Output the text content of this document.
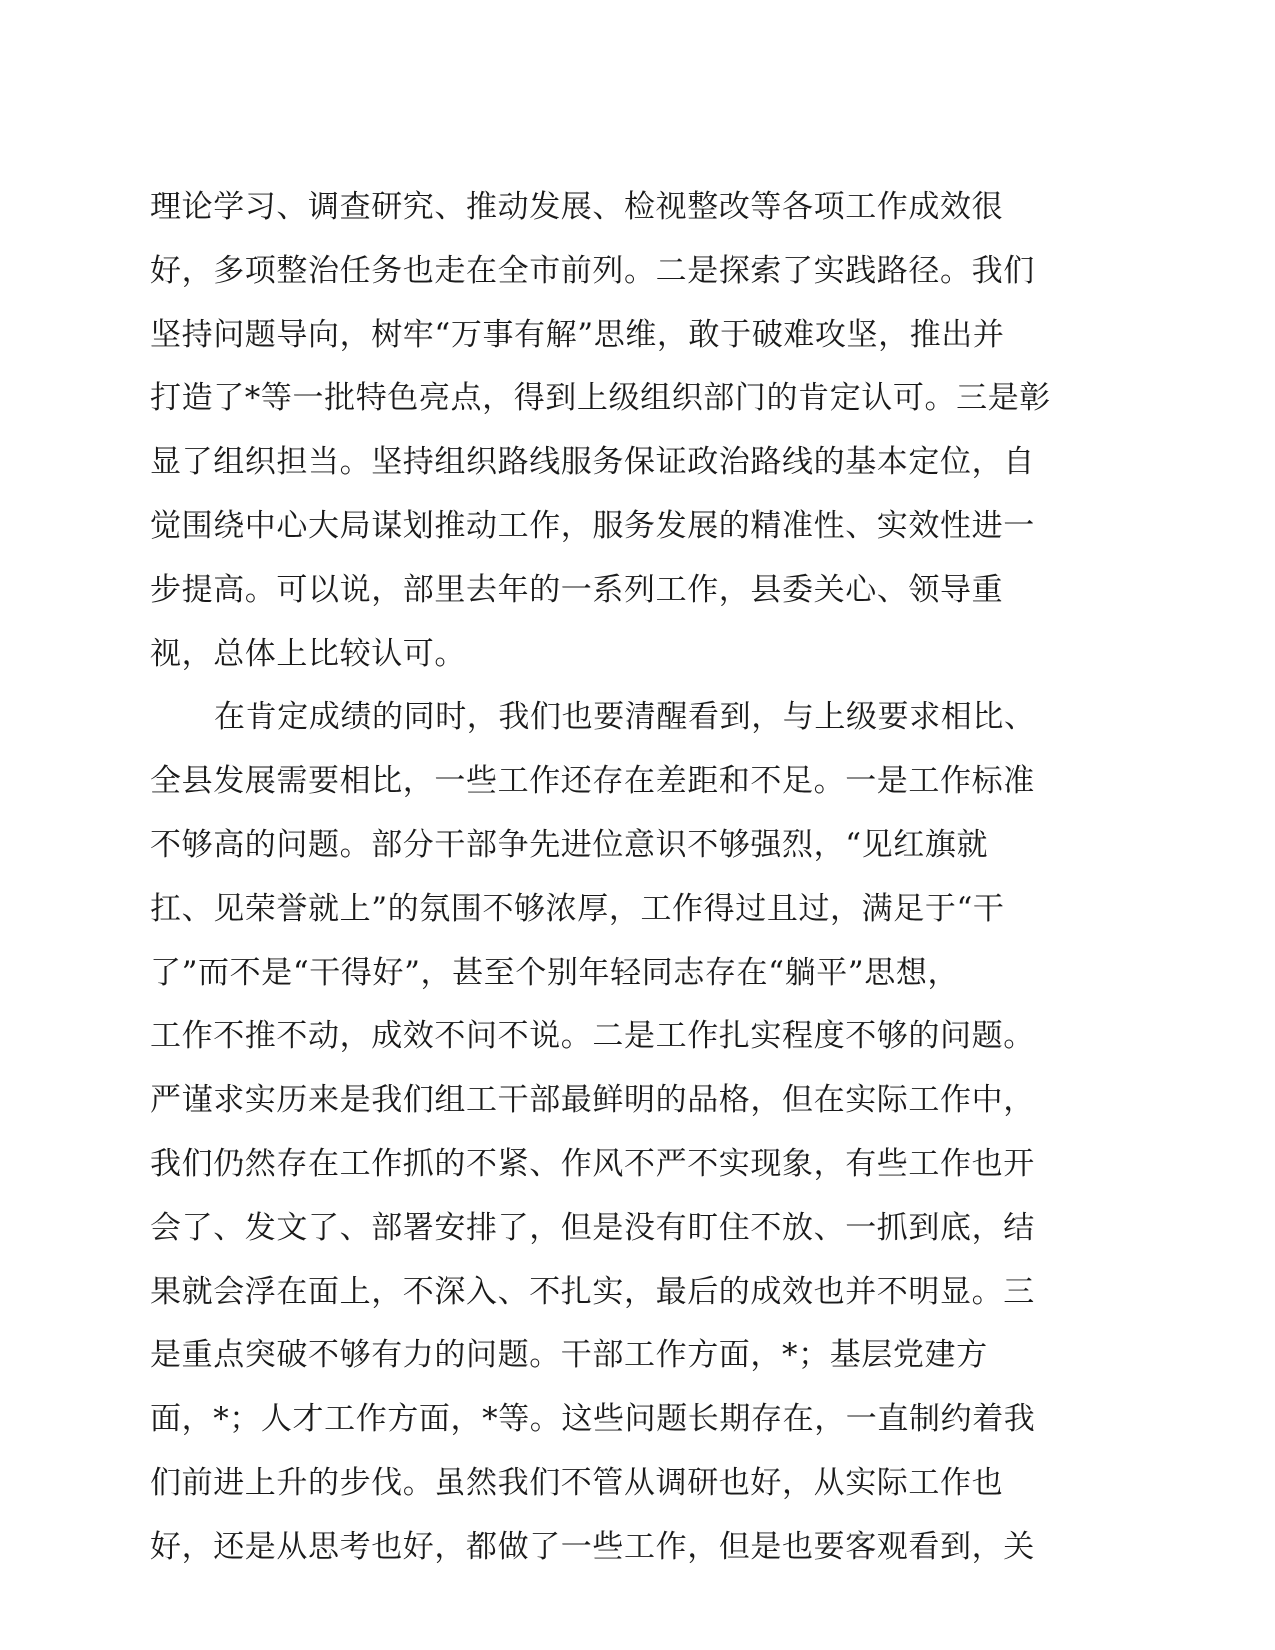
理论学习、调查研究、推动发展、检视整改等各项工作成效很
好，多项整治任务也走在全市前列。二是探索了实践路径。我们
坚持问题导向，树牢“万事有解”思维，敢于破难攻坚，推出并
打造了*等一批特色亮点，得到上级组织部门的肯定认可。三是彰
显了组织担当。坚持组织路线服务保证政治路线的基本定位，自
觉围绕中心大局谋划推动工作，服务发展的精准性、实效性进一
步提高。可以说，部里去年的一系列工作，县委关心、领导重
视，总体上比较认可。
在肯定成绩的同时，我们也要清醒看到，与上级要求相比、
全县发展需要相比，一些工作还存在差距和不足。一是工作标准
不够高的问题。部分干部争先进位意识不够强烈，“见红旗就
扛、见荣誉就上”的氛围不够浓厚，工作得过且过，满足于“干
了”而不是“干得好”，甚至个别年轻同志存在“躺平”思想，
工作不推不动，成效不问不说。二是工作扎实程度不够的问题。
严谨求实历来是我们组工干部最鲜明的品格，但在实际工作中，
我们仍然存在工作抓的不紧、作风不严不实现象，有些工作也开
会了、发文了、部署安排了，但是没有盯住不放、一抓到底，结
果就会浮在面上，不深入、不扎实，最后的成效也并不明显。三
是重点突破不够有力的问题。干部工作方面，*；基层党建方
面，*；人才工作方面，*等。这些问题长期存在，一直制约着我
们前进上升的步伐。虽然我们不管从调研也好，从实际工作也
好，还是从思考也好，都做了一些工作，但是也要客观看到，关
